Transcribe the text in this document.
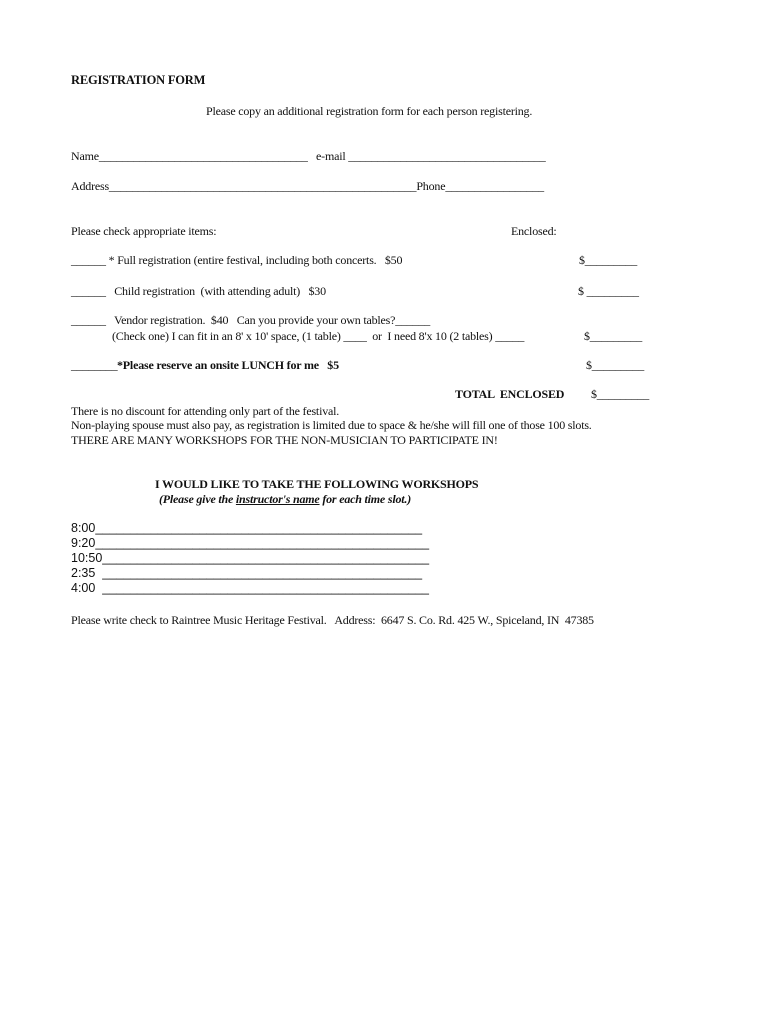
REGISTRATION FORM
Please copy an additional registration form for each person registering.
Name____________________________________   e-mail __________________________________
Address_____________________________________________________Phone_________________
Please check appropriate items:	Enclosed:
______ * Full registration (entire festival, including both concerts.   $50	$_________
______   Child registration  (with attending adult)   $30	$ _________
______   Vendor registration.  $40   Can you provide your own tables?______
(Check one) I can fit in an 8' x 10' space, (1 table) ____  or  I need 8'x 10 (2 tables) _____	$_________
________ *Please reserve an onsite LUNCH for me   $5	$_________
TOTAL  ENCLOSED $_________
There is no discount for attending only part of the festival.
Non-playing spouse must also pay, as registration is limited due to space & he/she will fill one of those 100 slots.
THERE ARE MANY WORKSHOPS FOR THE NON-MUSICIAN TO PARTICIPATE IN!
I WOULD LIKE TO TAKE THE FOLLOWING WORKSHOPS
(Please give the instructor's name for each time slot.)
8:00_______________________________________________
9:20________________________________________________
10:50_______________________________________________
2:35  ______________________________________________
4:00  _______________________________________________
Please write check to Raintree Music Heritage Festival.   Address:  6647 S. Co. Rd. 425 W., Spiceland, IN  47385
